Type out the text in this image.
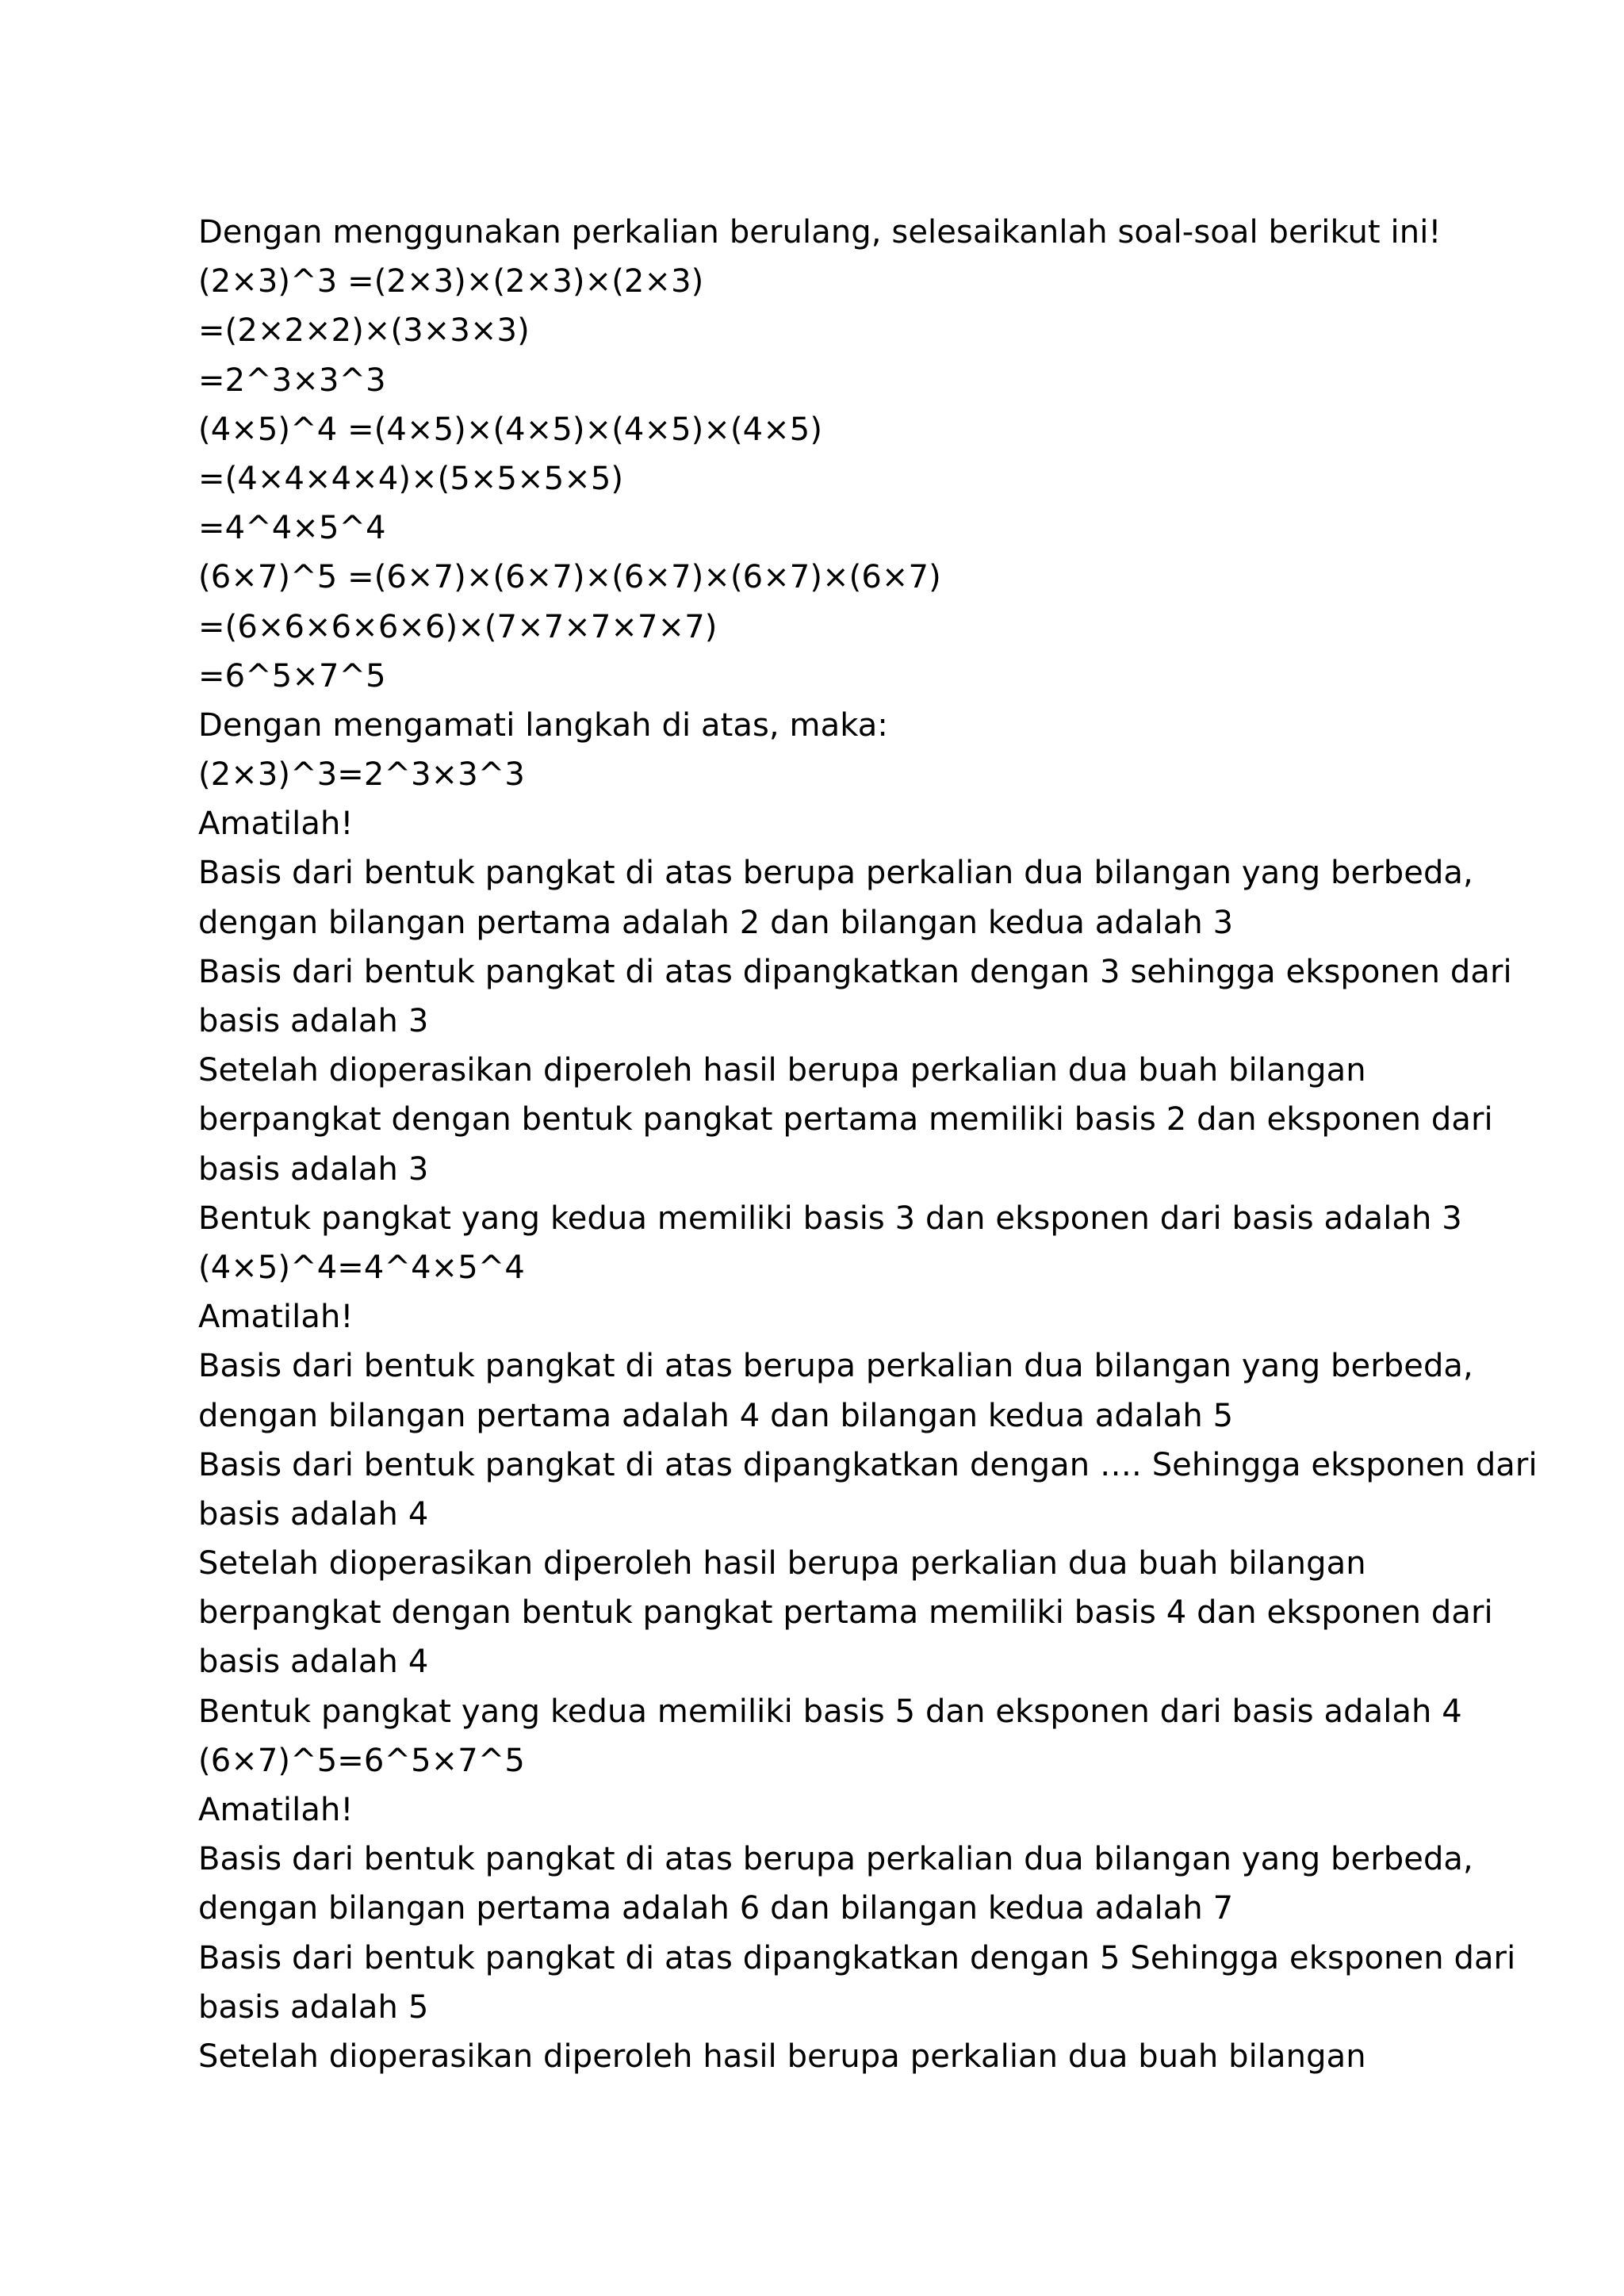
Dengan menggunakan perkalian berulang, selesaikanlah soal-soal berikut ini!
(2×3)^3 =(2×3)×(2×3)×(2×3)
=(2×2×2)×(3×3×3)
=2^3×3^3
(4×5)^4 =(4×5)×(4×5)×(4×5)×(4×5)
=(4×4×4×4)×(5×5×5×5)
=4^4×5^4
(6×7)^5 =(6×7)×(6×7)×(6×7)×(6×7)×(6×7)
=(6×6×6×6×6)×(7×7×7×7×7)
=6^5×7^5
Dengan mengamati langkah di atas, maka:
(2×3)^3=2^3×3^3
Amatilah!
Basis dari bentuk pangkat di atas berupa perkalian dua bilangan yang berbeda,
dengan bilangan pertama adalah 2 dan bilangan kedua adalah 3
Basis dari bentuk pangkat di atas dipangkatkan dengan 3 sehingga eksponen dari
basis adalah 3
Setelah dioperasikan diperoleh hasil berupa perkalian dua buah bilangan
berpangkat dengan bentuk pangkat pertama memiliki basis 2 dan eksponen dari
basis adalah 3
Bentuk pangkat yang kedua memiliki basis 3 dan eksponen dari basis adalah 3
(4×5)^4=4^4×5^4
Amatilah!
Basis dari bentuk pangkat di atas berupa perkalian dua bilangan yang berbeda,
dengan bilangan pertama adalah 4 dan bilangan kedua adalah 5
Basis dari bentuk pangkat di atas dipangkatkan dengan …. Sehingga eksponen dari
basis adalah 4
Setelah dioperasikan diperoleh hasil berupa perkalian dua buah bilangan
berpangkat dengan bentuk pangkat pertama memiliki basis 4 dan eksponen dari
basis adalah 4
Bentuk pangkat yang kedua memiliki basis 5 dan eksponen dari basis adalah 4
(6×7)^5=6^5×7^5
Amatilah!
Basis dari bentuk pangkat di atas berupa perkalian dua bilangan yang berbeda,
dengan bilangan pertama adalah 6 dan bilangan kedua adalah 7
Basis dari bentuk pangkat di atas dipangkatkan dengan 5 Sehingga eksponen dari
basis adalah 5
Setelah dioperasikan diperoleh hasil berupa perkalian dua buah bilangan
